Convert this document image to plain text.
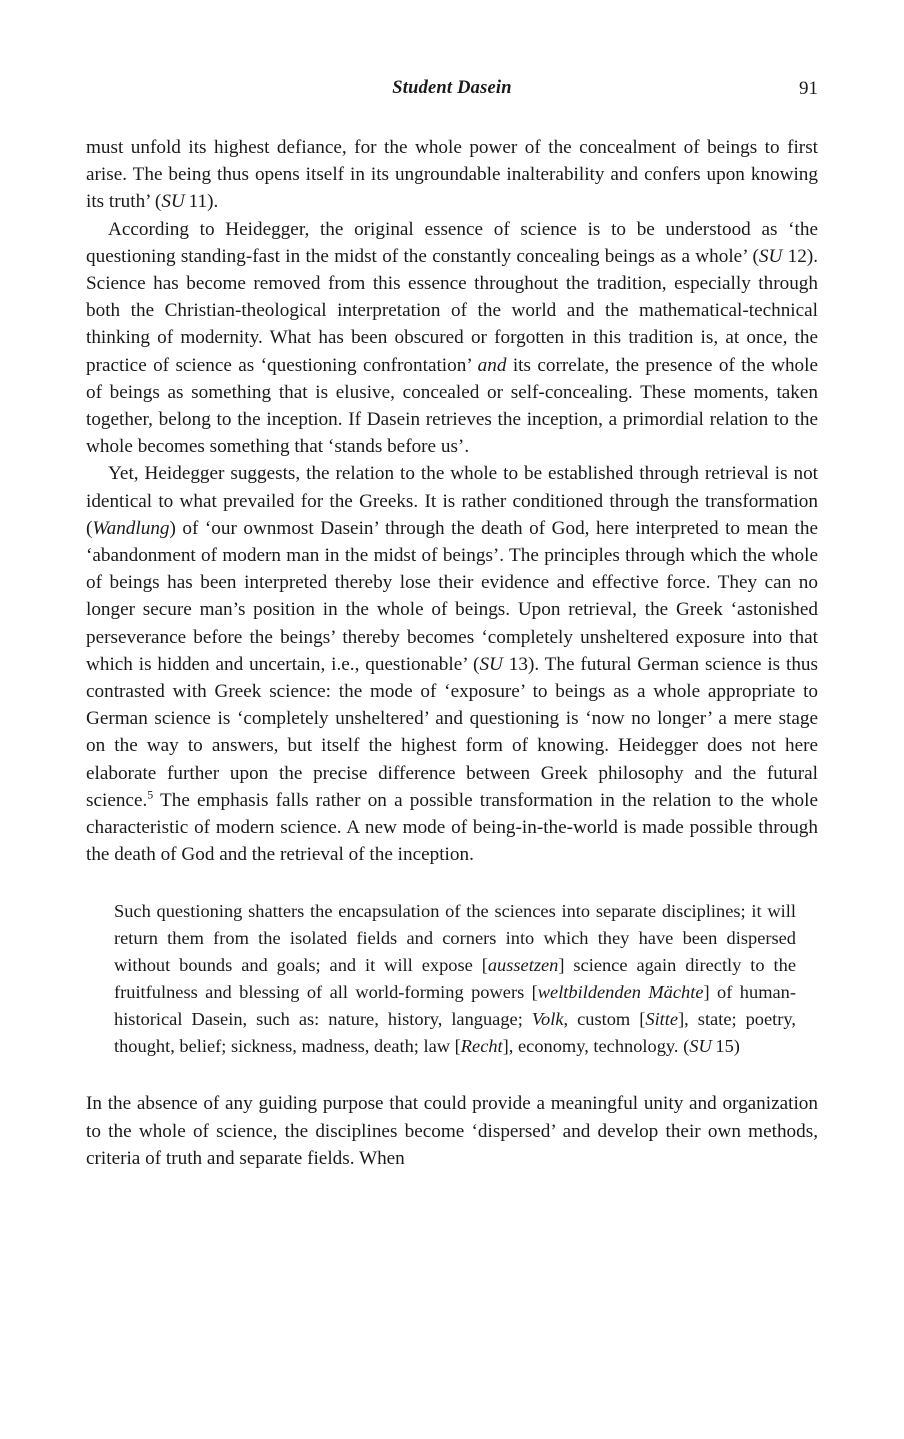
Student Dasein	91

must unfold its highest defiance, for the whole power of the concealment of beings to first arise. The being thus opens itself in its ungroundable inalterability and confers upon knowing its truth’ (SU 11).

According to Heidegger, the original essence of science is to be understood as ‘the questioning standing-fast in the midst of the constantly concealing beings as a whole’ (SU 12). Science has become removed from this essence throughout the tradition, especially through both the Christian-theological interpretation of the world and the mathematical-technical thinking of modernity. What has been obscured or forgotten in this tradition is, at once, the practice of science as ‘questioning confrontation’ and its correlate, the presence of the whole of beings as something that is elusive, concealed or self-concealing. These moments, taken together, belong to the inception. If Dasein retrieves the inception, a primordial relation to the whole becomes something that ‘stands before us’.

Yet, Heidegger suggests, the relation to the whole to be established through retrieval is not identical to what prevailed for the Greeks. It is rather conditioned through the transformation (Wandlung) of ‘our ownmost Dasein’ through the death of God, here interpreted to mean the ‘abandonment of modern man in the midst of beings’. The principles through which the whole of beings has been interpreted thereby lose their evidence and effective force. They can no longer secure man’s position in the whole of beings. Upon retrieval, the Greek ‘astonished perseverance before the beings’ thereby becomes ‘completely unsheltered exposure into that which is hidden and uncertain, i.e., questionable’ (SU 13). The futural German science is thus contrasted with Greek science: the mode of ‘exposure’ to beings as a whole appropriate to German science is ‘completely unsheltered’ and questioning is ‘now no longer’ a mere stage on the way to answers, but itself the highest form of knowing. Heidegger does not here elaborate further upon the precise difference between Greek philosophy and the futural science.$^5$ The emphasis falls rather on a possible transformation in the relation to the whole characteristic of modern science. A new mode of being-in-the-world is made possible through the death of God and the retrieval of the inception.

Such questioning shatters the encapsulation of the sciences into separate disciplines; it will return them from the isolated fields and corners into which they have been dispersed without bounds and goals; and it will expose [aussetzen] science again directly to the fruitfulness and blessing of all world-forming powers [weltbildenden Mächte] of human-historical Dasein, such as: nature, history, language; Volk, custom [Sitte], state; poetry, thought, belief; sickness, madness, death; law [Recht], economy, technology. (SU 15)

In the absence of any guiding purpose that could provide a meaningful unity and organization to the whole of science, the disciplines become ‘dispersed’ and develop their own methods, criteria of truth and separate fields. When
